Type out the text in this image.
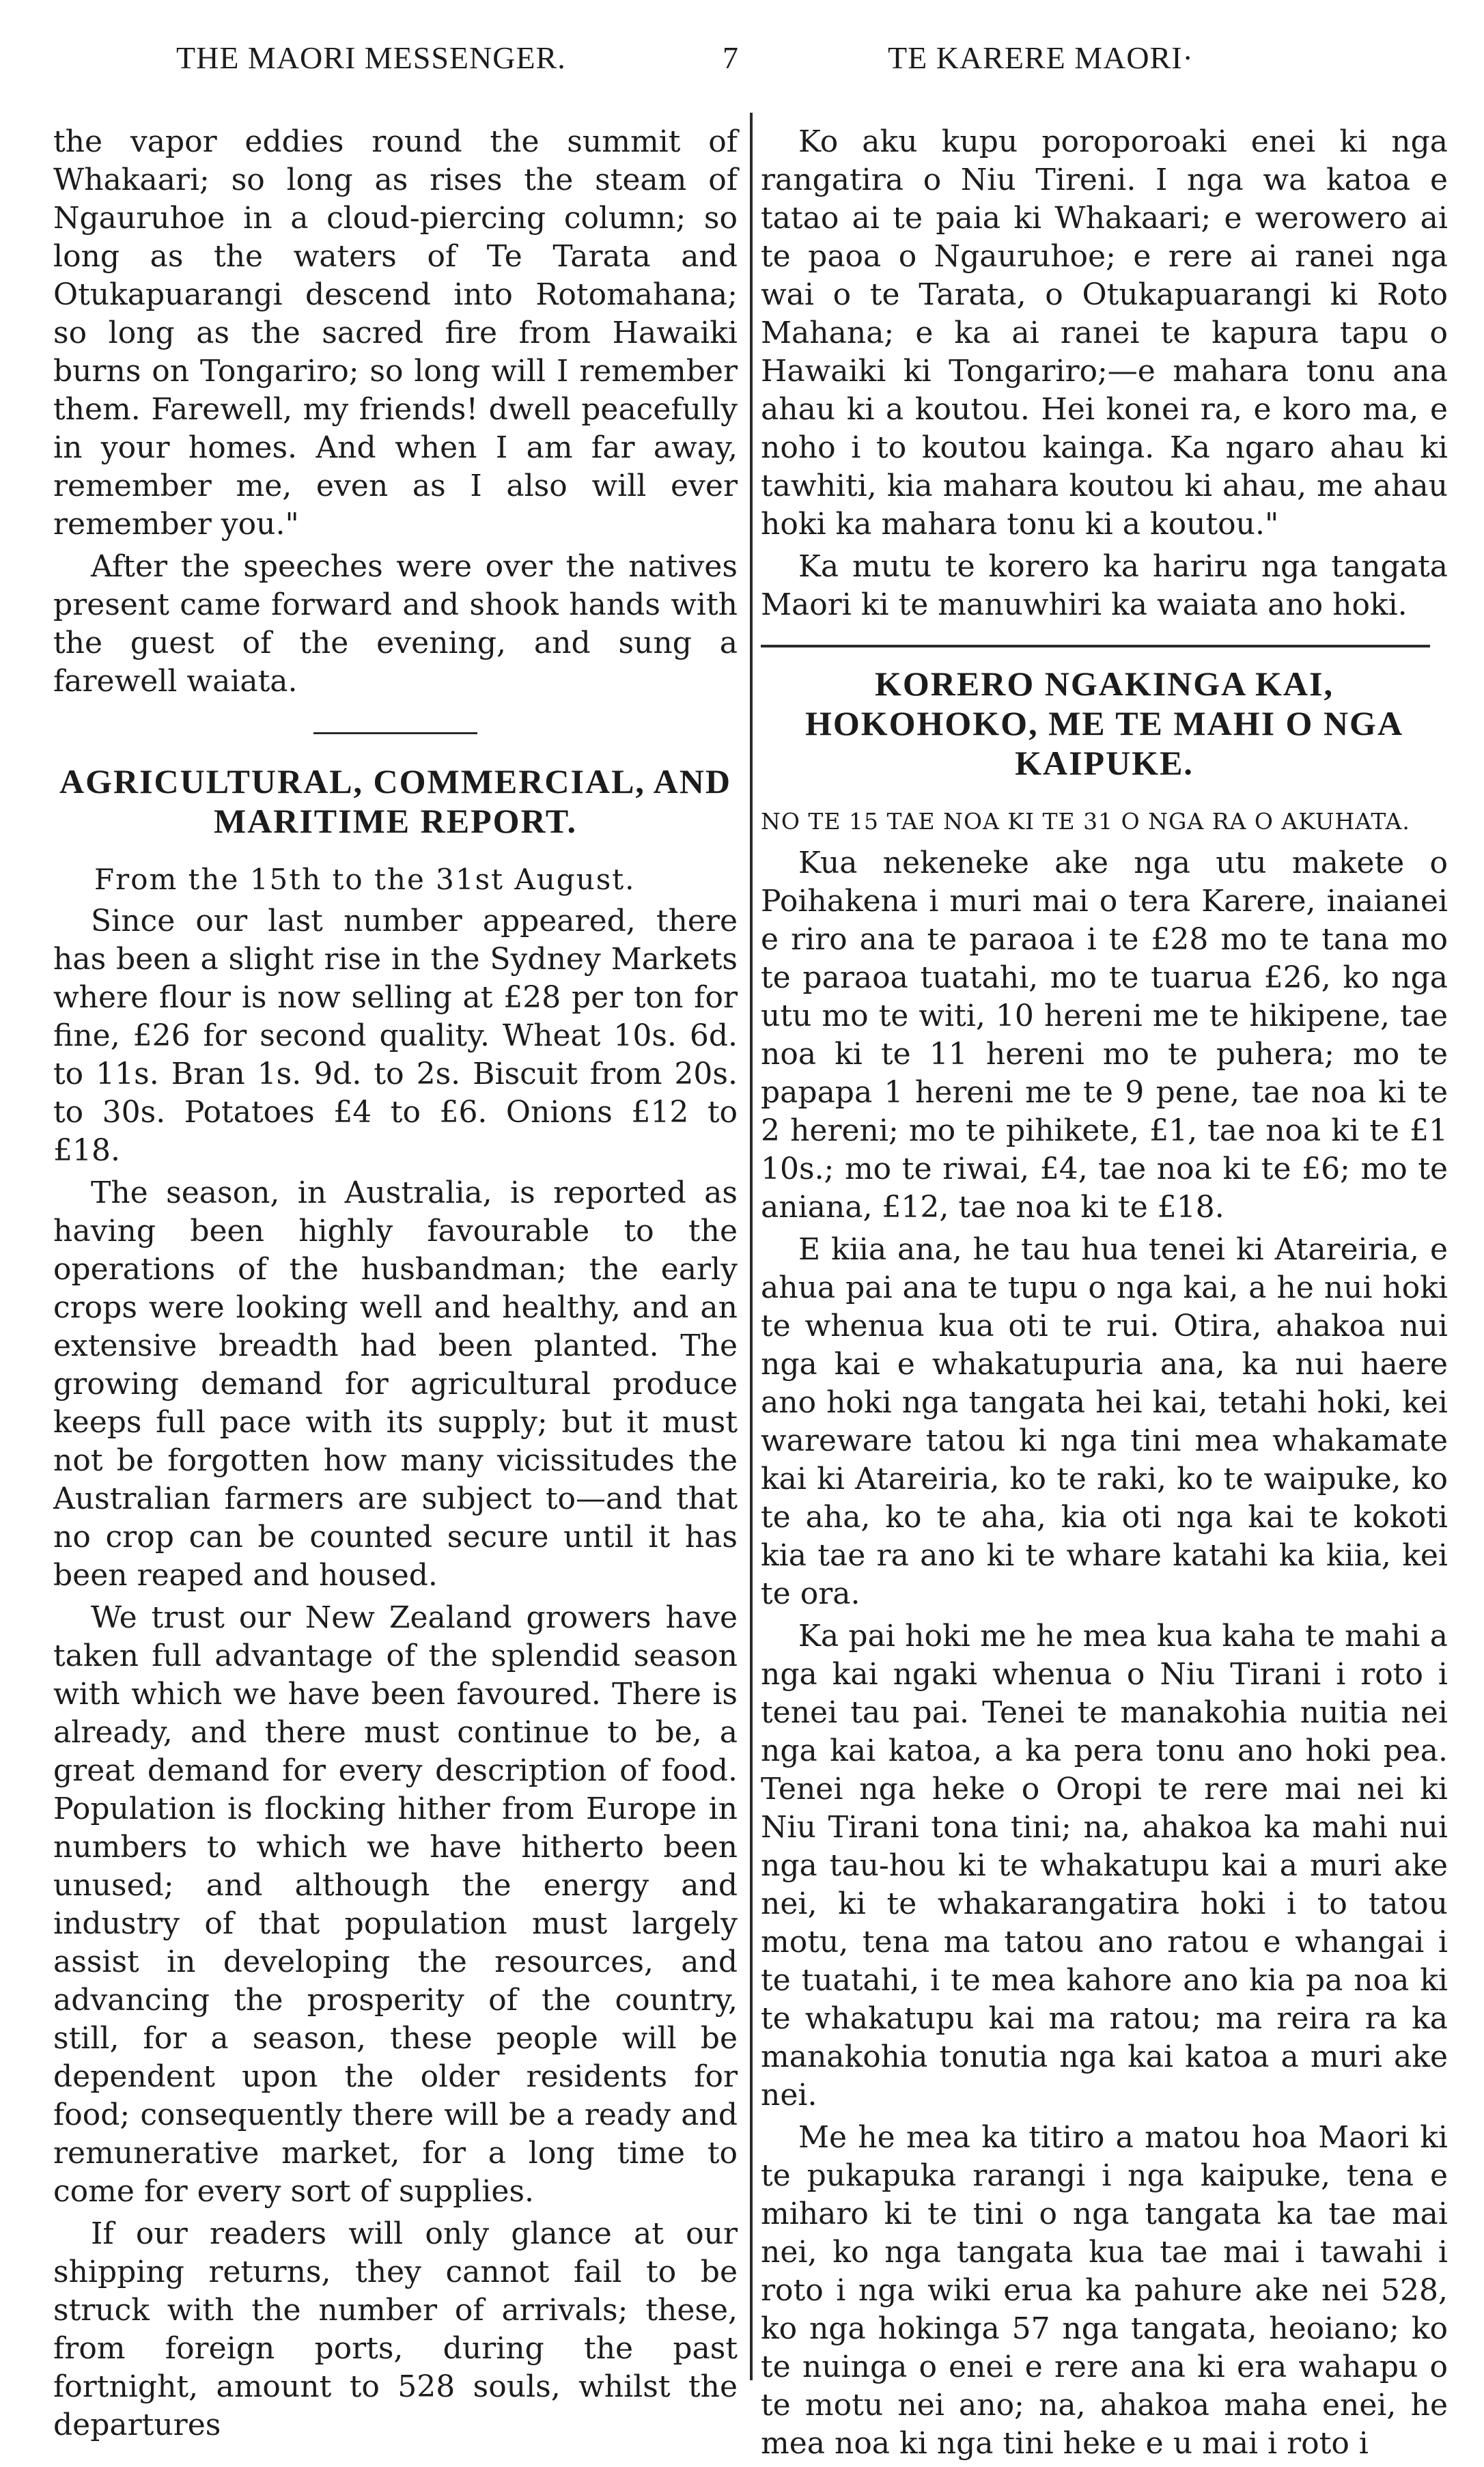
THE MAORI MESSENGER.	7	TE KARERE MAORI·

the vapor eddies round the summit of Whakaari; so long as rises the steam of Ngauruhoe in a cloud-piercing column; so long as the waters of Te Tarata and Otukapuarangi descend into Rotomahana; so long as the sacred fire from Hawaiki burns on Tongariro; so long will I remember them. Farewell, my friends! dwell peacefully in your homes. And when I am far away, remember me, even as I also will ever remember you."

After the speeches were over the natives present came forward and shook hands with the guest of the evening, and sung a farewell waiata.

AGRICULTURAL, COMMERCIAL, AND MARITIME REPORT.
From the 15th to the 31st August.

Since our last number appeared, there has been a slight rise in the Sydney Markets where flour is now selling at £28 per ton for fine, £26 for second quality. Wheat 10s. 6d. to 11s. Bran 1s. 9d. to 2s. Biscuit from 20s. to 30s. Potatoes £4 to £6. Onions £12 to £18.

The season, in Australia, is reported as having been highly favourable to the operations of the husbandman; the early crops were looking well and healthy, and an extensive breadth had been planted. The growing demand for agricultural produce keeps full pace with its supply; but it must not be forgotten how many vicissitudes the Australian farmers are subject to—and that no crop can be counted secure until it has been reaped and housed.

We trust our New Zealand growers have taken full advantage of the splendid season with which we have been favoured. There is already, and there must continue to be, a great demand for every description of food. Population is flocking hither from Europe in numbers to which we have hitherto been unused; and although the energy and industry of that population must largely assist in developing the resources, and advancing the prosperity of the country, still, for a season, these people will be dependent upon the older residents for food; consequently there will be a ready and remunerative market, for a long time to come for every sort of supplies.

If our readers will only glance at our shipping returns, they cannot fail to be struck with the number of arrivals; these, from foreign ports, during the past fortnight, amount to 528 souls, whilst the departures

Ko aku kupu poroporoaki enei ki nga rangatira o Niu Tireni. I nga wa katoa e tatao ai te paia ki Whakaari; e werowero ai te paoa o Ngauruhoe; e rere ai ranei nga wai o te Tarata, o Otukapuarangi ki Roto Mahana; e ka ai ranei te kapura tapu o Hawaiki ki Tongariro;—e mahara tonu ana ahau ki a koutou. Hei konei ra, e koro ma, e noho i to koutou kainga. Ka ngaro ahau ki tawhiti, kia mahara koutou ki ahau, me ahau hoki ka mahara tonu ki a koutou."

Ka mutu te korero ka hariru nga tangata Maori ki te manuwhiri ka waiata ano hoki.

KORERO NGAKINGA KAI, HOKOHOKO, ME TE MAHI O NGA KAIPUKE.
NO TE 15 TAE NOA KI TE 31 O NGA RA O AKUHATA.

Kua nekeneke ake nga utu makete o Poihakena i muri mai o tera Karere, inaianei e riro ana te paraoa i te £28 mo te tana mo te paraoa tuatahi, mo te tuarua £26, ko nga utu mo te witi, 10 hereni me te hikipene, tae noa ki te 11 hereni mo te puhera; mo te papapa 1 hereni me te 9 pene, tae noa ki te 2 hereni; mo te pihikete, £1, tae noa ki te £1 10s.; mo te riwai, £4, tae noa ki te £6; mo te aniana, £12, tae noa ki te £18.

E kiia ana, he tau hua tenei ki Atareiria, e ahua pai ana te tupu o nga kai, a he nui hoki te whenua kua oti te rui. Otira, ahakoa nui nga kai e whakatupuria ana, ka nui haere ano hoki nga tangata hei kai, tetahi hoki, kei wareware tatou ki nga tini mea whakamate kai ki Atareiria, ko te raki, ko te waipuke, ko te aha, ko te aha, kia oti nga kai te kokoti kia tae ra ano ki te whare katahi ka kiia, kei te ora.

Ka pai hoki me he mea kua kaha te mahi a nga kai ngaki whenua o Niu Tirani i roto i tenei tau pai. Tenei te manakohia nuitia nei nga kai katoa, a ka pera tonu ano hoki pea. Tenei nga heke o Oropi te rere mai nei ki Niu Tirani tona tini; na, ahakoa ka mahi nui nga tau-hou ki te whakatupu kai a muri ake nei, ki te whakarangatira hoki i to tatou motu, tena ma tatou ano ratou e whangai i te tuatahi, i te mea kahore ano kia pa noa ki te whakatupu kai ma ratou; ma reira ra ka manakohia tonutia nga kai katoa a muri ake nei.

Me he mea ka titiro a matou hoa Maori ki te pukapuka rarangi i nga kaipuke, tena e miharo ki te tini o nga tangata ka tae mai nei, ko nga tangata kua tae mai i tawahi i roto i nga wiki erua ka pahure ake nei 528, ko nga hokinga 57 nga tangata, heoiano; ko te nuinga o enei e rere ana ki era wahapu o te motu nei ano; na, ahakoa maha enei, he mea noa ki nga tini heke e u mai i roto i
